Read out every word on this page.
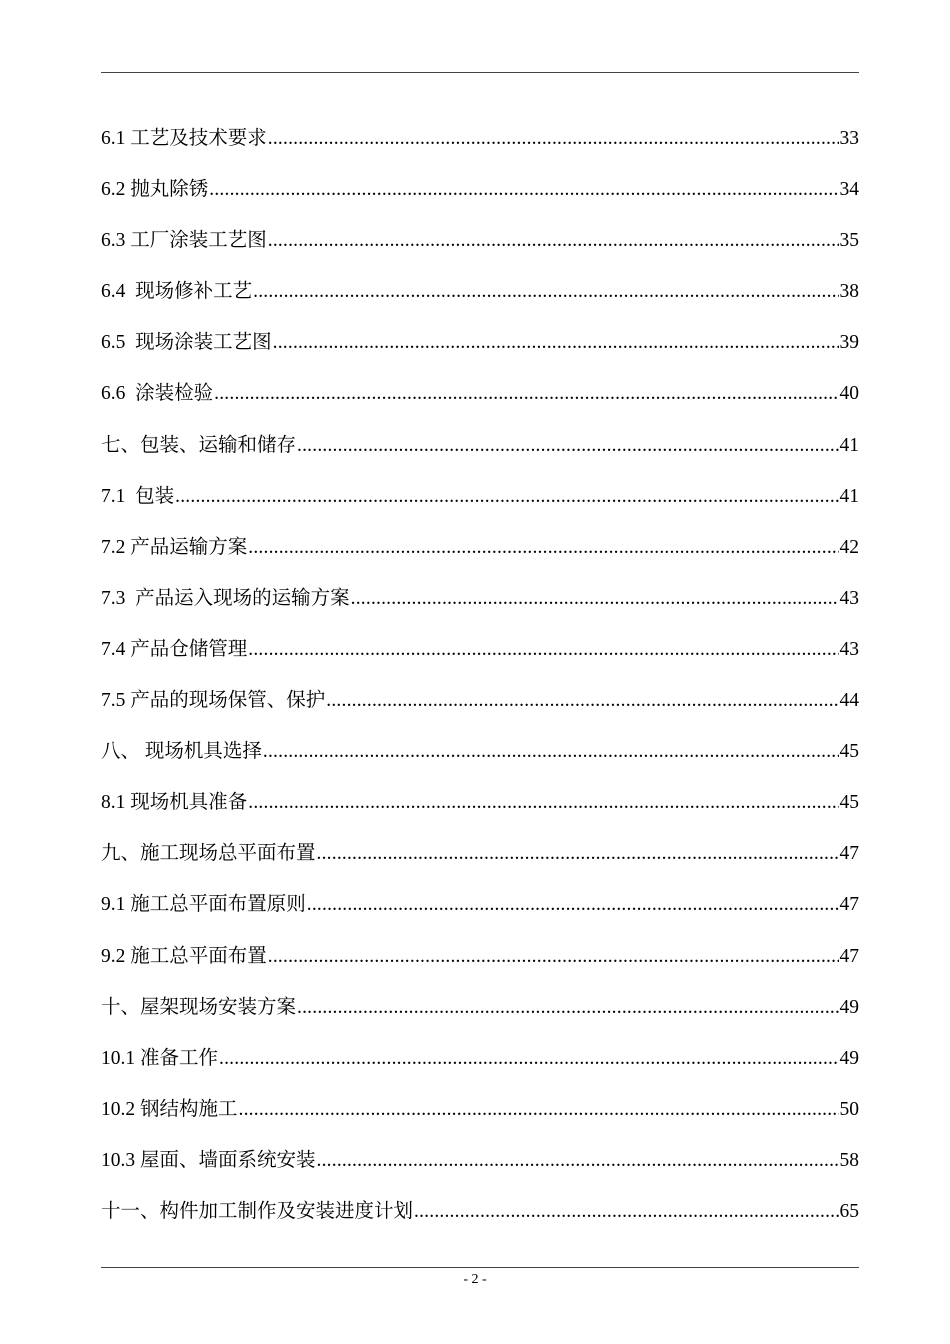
6.1 工艺及技术要求 .....	33
6.2 抛丸除锈 .....	34
6.3 工厂涂装工艺图 .....	35
6.4  现场修补工艺 .....	38
6.5  现场涂装工艺图 .....	39
6.6  涂装检验 .....	40
七、包装、运输和储存 .....	41
7.1  包装 .....	41
7.2 产品运输方案 .....	42
7.3  产品运入现场的运输方案 .....	43
7.4 产品仓储管理 .....	43
7.5 产品的现场保管、保护 .....	44
八、 现场机具选择 .....	45
8.1 现场机具准备 .....	45
九、施工现场总平面布置 .....	47
9.1 施工总平面布置原则 .....	47
9.2 施工总平面布置 .....	47
十、屋架现场安装方案 .....	49
10.1 准备工作 .....	49
10.2 钢结构施工 .....	50
10.3 屋面、墙面系统安装 .....	58
十一、构件加工制作及安装进度计划 .....	65
- 2 -
